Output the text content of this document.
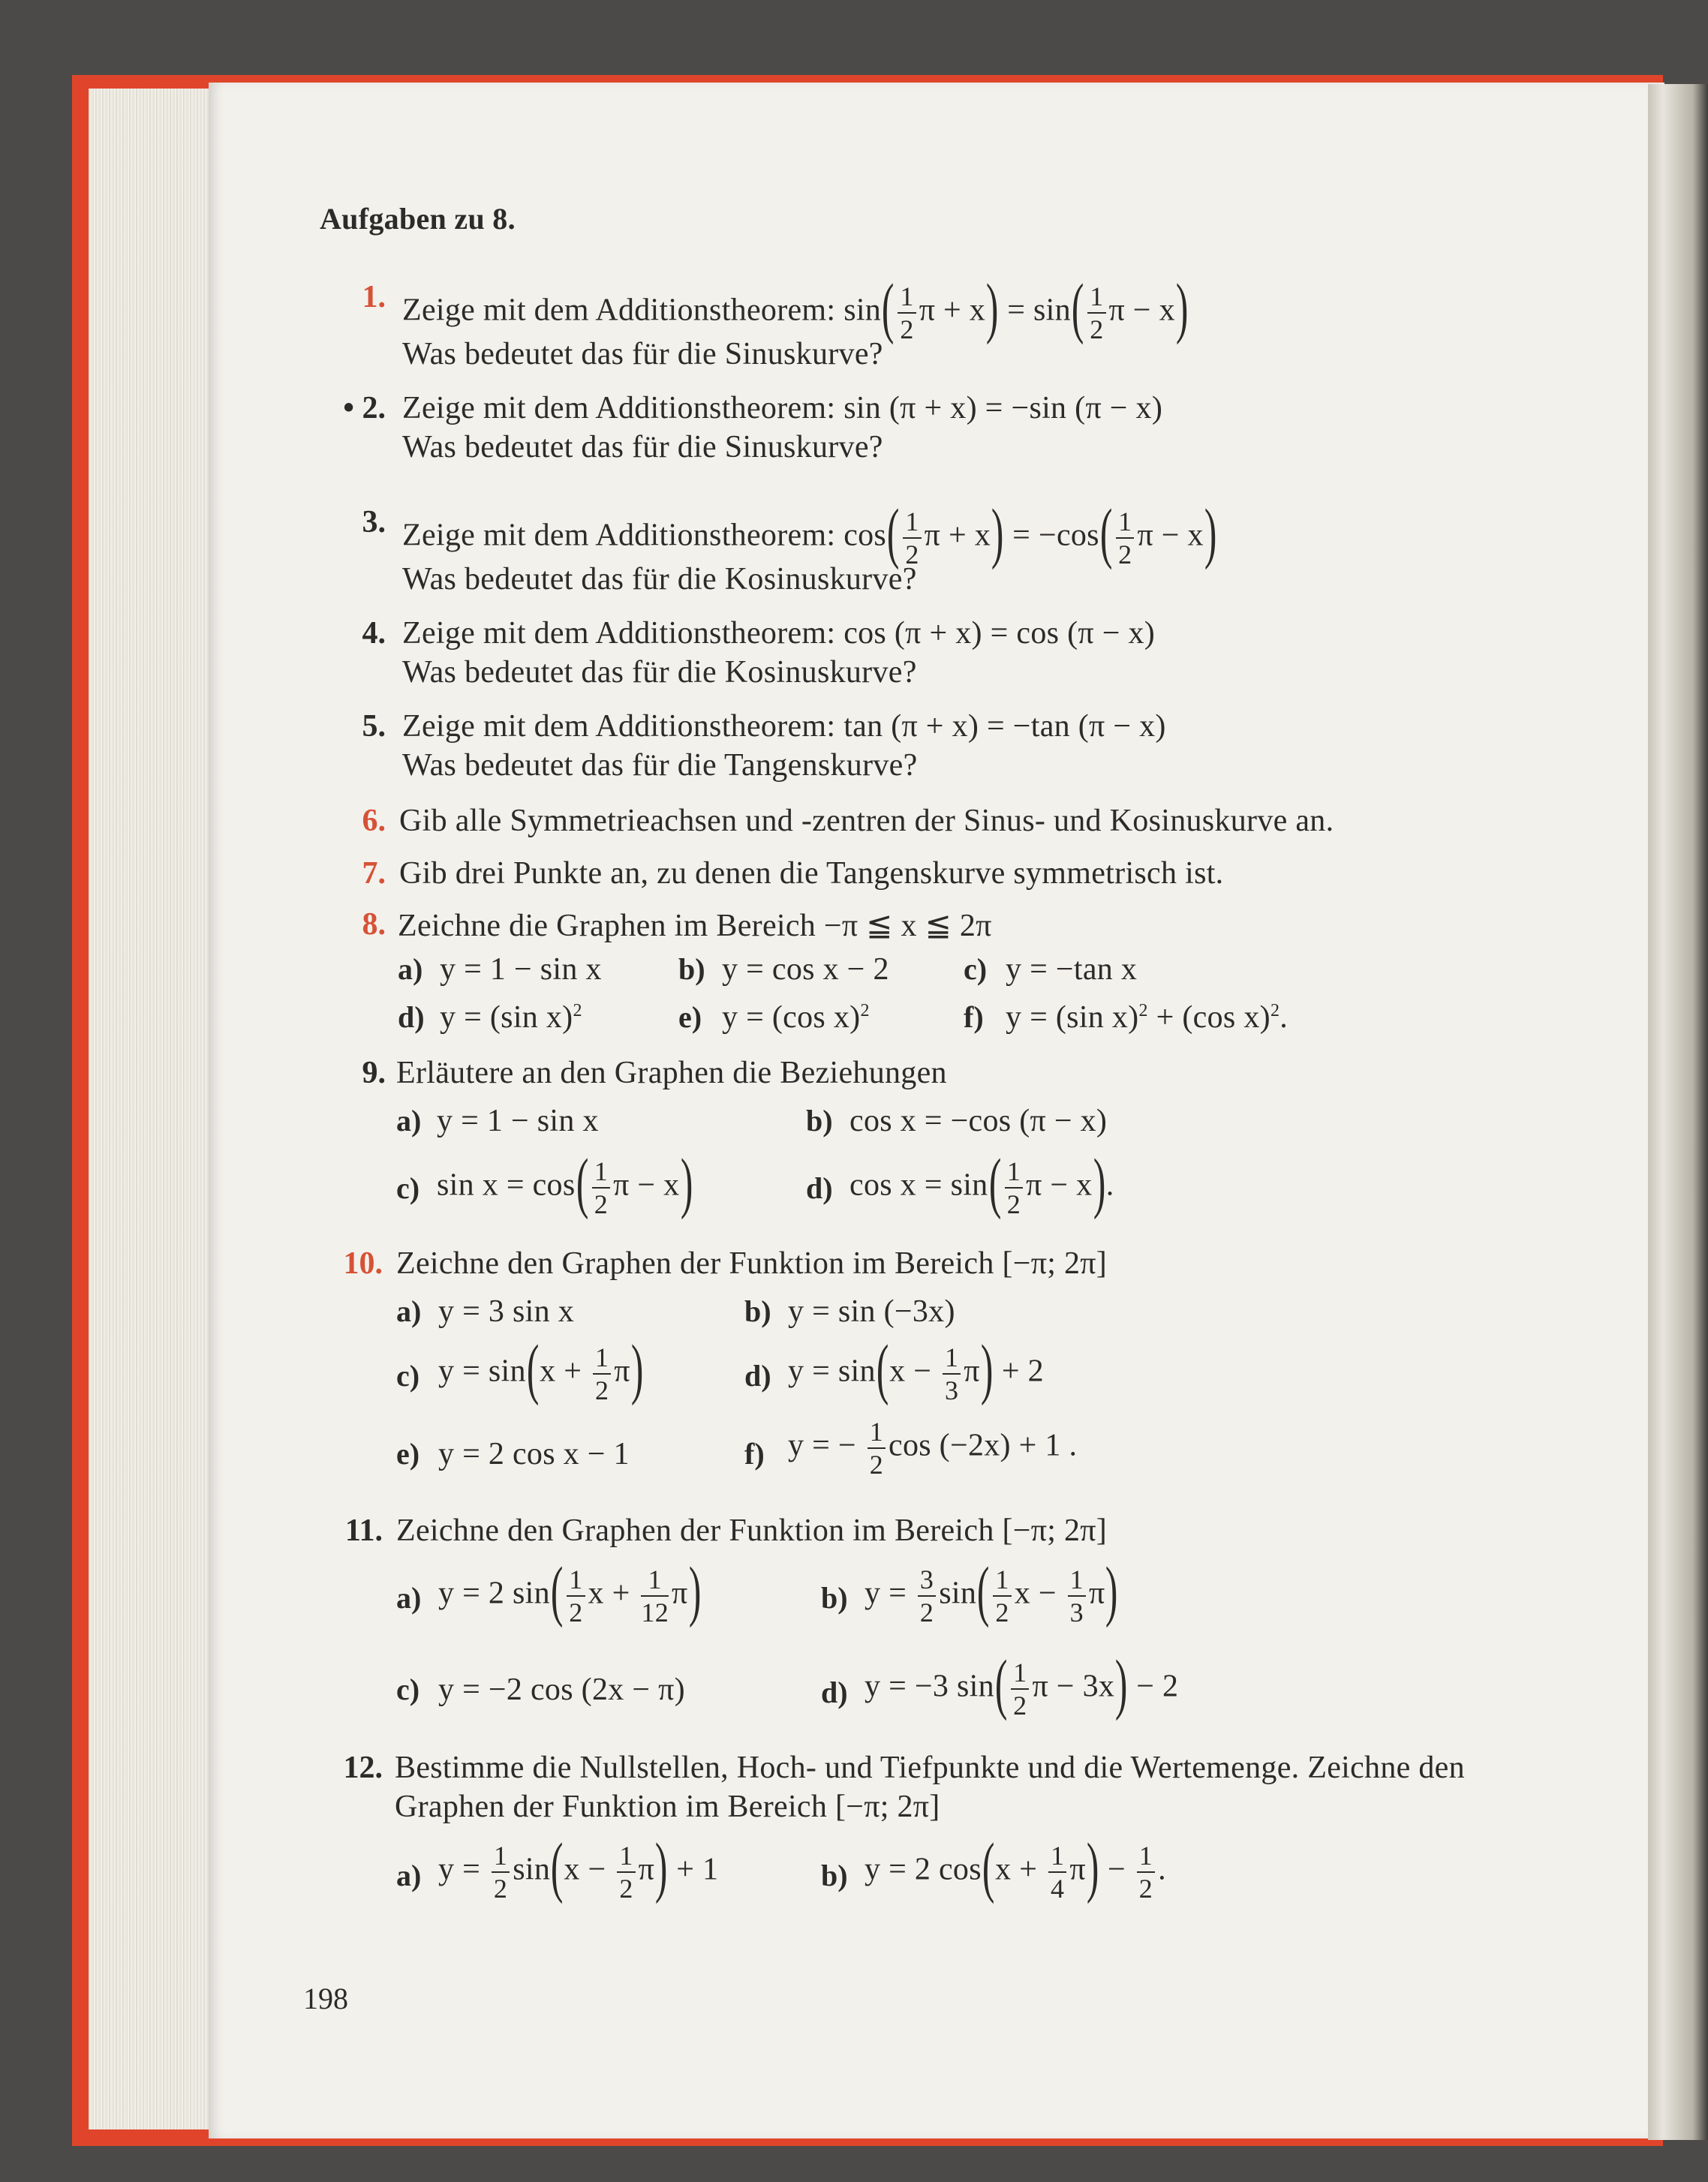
Aufgaben zu 8.
1. Zeige mit dem Additionstheorem: $\sin( \frac{1}{2}$ $\pi + x) = \sin( \frac{1}{2}$ π − x)
Was bedeutet das für die Sinuskurve?
• 2. Zeige mit dem Additionstheorem: sin (π + x) = −sin (π − x)
Was bedeutet das für die Sinuskurve?
3. Zeige mit dem Additionstheorem: $\cos( \frac{1}{2}$ $\pi + x) = -\cos( \frac{1}{2}$ π − x)
Was bedeutet das für die Kosinuskurve?
4. Zeige mit dem Additionstheorem: cos (π + x) = cos (π − x)
Was bedeutet das für die Kosinuskurve?
5. Zeige mit dem Additionstheorem: tan (π + x) = −tan (π − x)
Was bedeutet das für die Tangenskurve?
6. Gib alle Symmetrieachsen und -zentren der Sinus- und Kosinuskurve an.
7. Gib drei Punkte an, zu denen die Tangenskurve symmetrisch ist.
8. Zeichne die Graphen im Bereich −π ≦ x ≦ 2π
a) y = 1 − sin x	b) y = cos x − 2 c) y = −tan x
d) y = (sin x)$^2$	e) y = (cos x)$^2$	f) y = (sin x)$^2$ + (cos x)$^2$.
9. Erläutere an den Graphen die Beziehungen
a) y = 1 − sin x	b) cos x = −cos (π − x)
c) $\sin x = \cos( \frac{1}{2}$ π − x)	d) $\cos x = \sin( \frac{1}{2}$ π − x).
10. Zeichne den Graphen der Funktion im Bereich [−π; 2π]
a) y = 3 sin x	b) y = sin (−3x)
c) $y = \sin(x + \frac{1}{2} \pi)$	d) $y = \sin(x - \frac{1}{3} \pi) + 2$
e) y = 2 cos x − 1	f) y = − $\frac{1}{2}$ cos (−2x) + 1 .
11. Zeichne den Graphen der Funktion im Bereich [−π; 2π]
a) y = 2 $\sin( \frac{1}{2}$ $x + \frac{1}{12} \pi$)	b) $y = \frac{3}{2} \sin( \frac{1}{2}$ $x - \frac{1}{3} \pi$)
c) y = −2 cos (2x − π)	d) y = −3 $\sin( \frac{1}{2}$ π − 3x) − 2
12. Bestimme die Nullstellen, Hoch- und Tiefpunkte und die Wertemenge. Zeichne den
Graphen der Funktion im Bereich [−π; 2π]
a) $y = \frac{1}{2} \sin(x - \frac{1}{2} \pi) + 1$	b) y = 2 $\cos(x + \frac{1}{4} \pi) - \frac{1}{2}$ .
198
